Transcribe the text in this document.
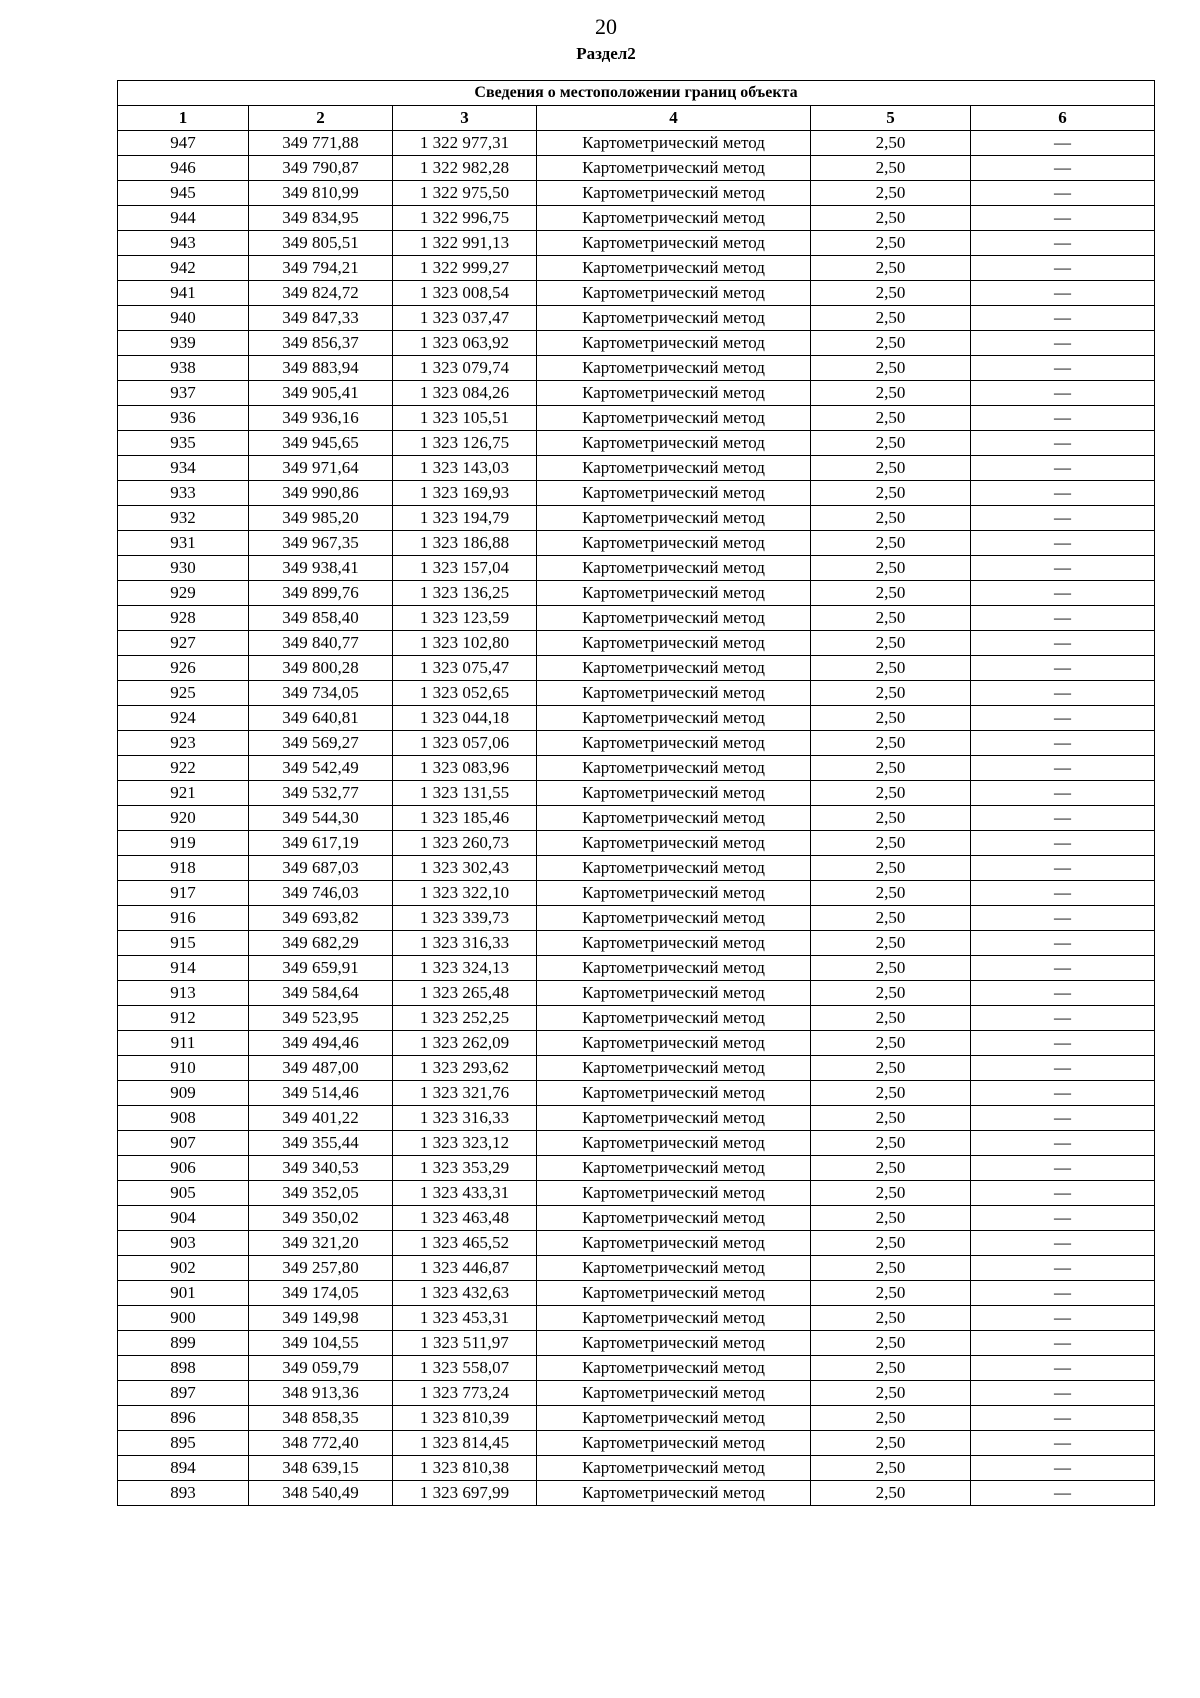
20
Раздел2
Сведения о местоположении границ объекта					
1	2	3	4	5	6
947	349 771,88	1 322 977,31	Картометрический метод	2,50	—
946	349 790,87	1 322 982,28	Картометрический метод	2,50	—
945	349 810,99	1 322 975,50	Картометрический метод	2,50	—
944	349 834,95	1 322 996,75	Картометрический метод	2,50	—
943	349 805,51	1 322 991,13	Картометрический метод	2,50	—
942	349 794,21	1 322 999,27	Картометрический метод	2,50	—
941	349 824,72	1 323 008,54	Картометрический метод	2,50	—
940	349 847,33	1 323 037,47	Картометрический метод	2,50	—
939	349 856,37	1 323 063,92	Картометрический метод	2,50	—
938	349 883,94	1 323 079,74	Картометрический метод	2,50	—
937	349 905,41	1 323 084,26	Картометрический метод	2,50	—
936	349 936,16	1 323 105,51	Картометрический метод	2,50	—
935	349 945,65	1 323 126,75	Картометрический метод	2,50	—
934	349 971,64	1 323 143,03	Картометрический метод	2,50	—
933	349 990,86	1 323 169,93	Картометрический метод	2,50	—
932	349 985,20	1 323 194,79	Картометрический метод	2,50	—
931	349 967,35	1 323 186,88	Картометрический метод	2,50	—
930	349 938,41	1 323 157,04	Картометрический метод	2,50	—
929	349 899,76	1 323 136,25	Картометрический метод	2,50	—
928	349 858,40	1 323 123,59	Картометрический метод	2,50	—
927	349 840,77	1 323 102,80	Картометрический метод	2,50	—
926	349 800,28	1 323 075,47	Картометрический метод	2,50	—
925	349 734,05	1 323 052,65	Картометрический метод	2,50	—
924	349 640,81	1 323 044,18	Картометрический метод	2,50	—
923	349 569,27	1 323 057,06	Картометрический метод	2,50	—
922	349 542,49	1 323 083,96	Картометрический метод	2,50	—
921	349 532,77	1 323 131,55	Картометрический метод	2,50	—
920	349 544,30	1 323 185,46	Картометрический метод	2,50	—
919	349 617,19	1 323 260,73	Картометрический метод	2,50	—
918	349 687,03	1 323 302,43	Картометрический метод	2,50	—
917	349 746,03	1 323 322,10	Картометрический метод	2,50	—
916	349 693,82	1 323 339,73	Картометрический метод	2,50	—
915	349 682,29	1 323 316,33	Картометрический метод	2,50	—
914	349 659,91	1 323 324,13	Картометрический метод	2,50	—
913	349 584,64	1 323 265,48	Картометрический метод	2,50	—
912	349 523,95	1 323 252,25	Картометрический метод	2,50	—
911	349 494,46	1 323 262,09	Картометрический метод	2,50	—
910	349 487,00	1 323 293,62	Картометрический метод	2,50	—
909	349 514,46	1 323 321,76	Картометрический метод	2,50	—
908	349 401,22	1 323 316,33	Картометрический метод	2,50	—
907	349 355,44	1 323 323,12	Картометрический метод	2,50	—
906	349 340,53	1 323 353,29	Картометрический метод	2,50	—
905	349 352,05	1 323 433,31	Картометрический метод	2,50	—
904	349 350,02	1 323 463,48	Картометрический метод	2,50	—
903	349 321,20	1 323 465,52	Картометрический метод	2,50	—
902	349 257,80	1 323 446,87	Картометрический метод	2,50	—
901	349 174,05	1 323 432,63	Картометрический метод	2,50	—
900	349 149,98	1 323 453,31	Картометрический метод	2,50	—
899	349 104,55	1 323 511,97	Картометрический метод	2,50	—
898	349 059,79	1 323 558,07	Картометрический метод	2,50	—
897	348 913,36	1 323 773,24	Картометрический метод	2,50	—
896	348 858,35	1 323 810,39	Картометрический метод	2,50	—
895	348 772,40	1 323 814,45	Картометрический метод	2,50	—
894	348 639,15	1 323 810,38	Картометрический метод	2,50	—
893	348 540,49	1 323 697,99	Картометрический метод	2,50	—
